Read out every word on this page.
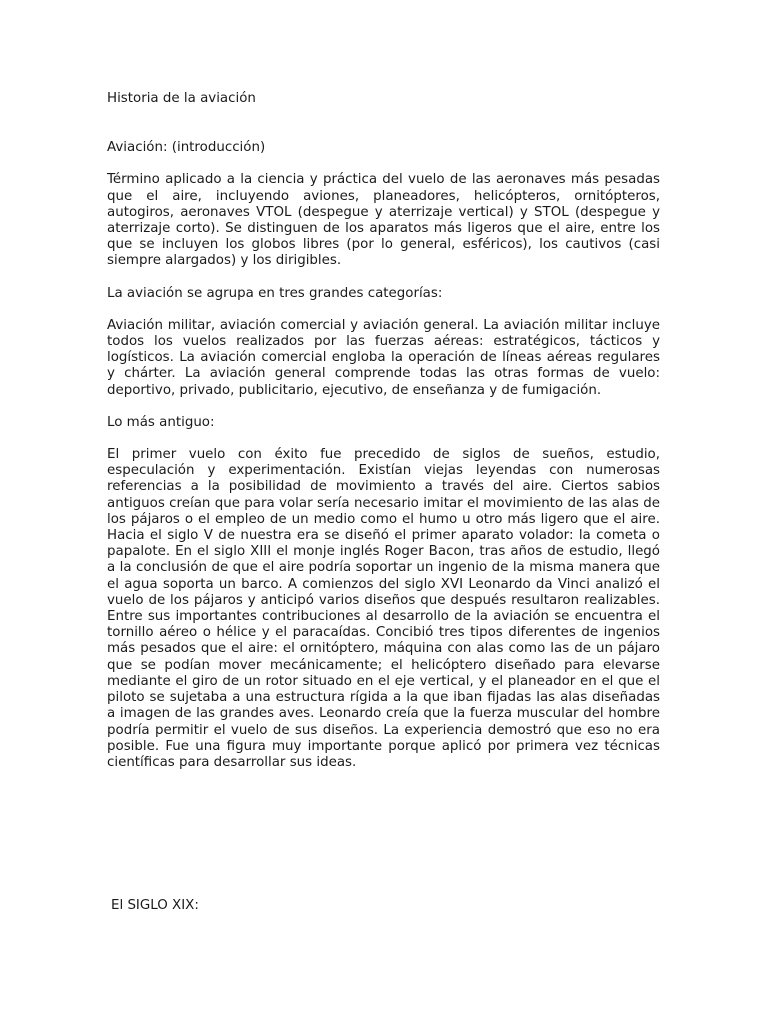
Historia de la aviación

Aviación: (introducción)

Término aplicado a la ciencia y práctica del vuelo de las aeronaves más pesadas que el aire, incluyendo aviones, planeadores, helicópteros, ornitópteros, autogiros, aeronaves VTOL (despegue y aterrizaje vertical) y STOL (despegue y aterrizaje corto). Se distinguen de los aparatos más ligeros que el aire, entre los que se incluyen los globos libres (por lo general, esféricos), los cautivos (casi siempre alargados) y los dirigibles.

La aviación se agrupa en tres grandes categorías:

Aviación militar, aviación comercial y aviación general. La aviación militar incluye todos los vuelos realizados por las fuerzas aéreas: estratégicos, tácticos y logísticos. La aviación comercial engloba la operación de líneas aéreas regulares y chárter. La aviación general comprende todas las otras formas de vuelo: deportivo, privado, publicitario, ejecutivo, de enseñanza y de fumigación.

Lo más antiguo:

El primer vuelo con éxito fue precedido de siglos de sueños, estudio, especulación y experimentación. Existían viejas leyendas con numerosas referencias a la posibilidad de movimiento a través del aire. Ciertos sabios antiguos creían que para volar sería necesario imitar el movimiento de las alas de los pájaros o el empleo de un medio como el humo u otro más ligero que el aire. Hacia el siglo V de nuestra era se diseñó el primer aparato volador: la cometa o papalote. En el siglo XIII el monje inglés Roger Bacon, tras años de estudio, llegó a la conclusión de que el aire podría soportar un ingenio de la misma manera que el agua soporta un barco. A comienzos del siglo XVI Leonardo da Vinci analizó el vuelo de los pájaros y anticipó varios diseños que después resultaron realizables. Entre sus importantes contribuciones al desarrollo de la aviación se encuentra el tornillo aéreo o hélice y el paracaídas. Concibió tres tipos diferentes de ingenios más pesados que el aire: el ornitóptero, máquina con alas como las de un pájaro que se podían mover mecánicamente; el helicóptero diseñado para elevarse mediante el giro de un rotor situado en el eje vertical, y el planeador en el que el piloto se sujetaba a una estructura rígida a la que iban fijadas las alas diseñadas a imagen de las grandes aves. Leonardo creía que la fuerza muscular del hombre podría permitir el vuelo de sus diseños. La experiencia demostró que eso no era posible. Fue una figura muy importante porque aplicó por primera vez técnicas científicas para desarrollar sus ideas.

El SIGLO XIX:
